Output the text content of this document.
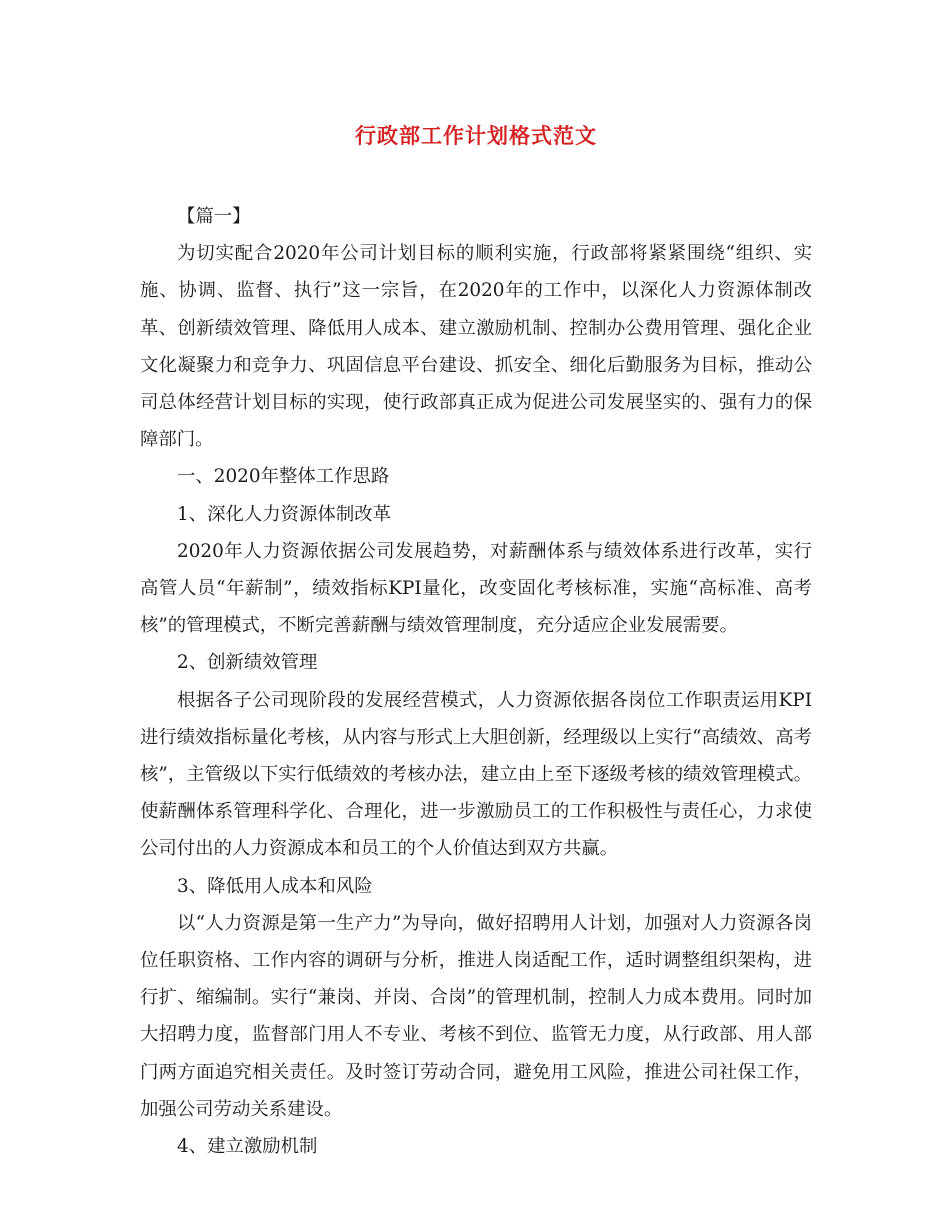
行政部工作计划格式范文

【篇一】

为切实配合2020年公司计划目标的顺利实施，行政部将紧紧围绕“组织、实施、协调、监督、执行”这一宗旨，在2020年的工作中，以深化人力资源体制改革、创新绩效管理、降低用人成本、建立激励机制、控制办公费用管理、强化企业文化凝聚力和竞争力、巩固信息平台建设、抓安全、细化后勤服务为目标，推动公司总体经营计划目标的实现，使行政部真正成为促进公司发展坚实的、强有力的保障部门。

一、2020年整体工作思路

1、深化人力资源体制改革

2020年人力资源依据公司发展趋势，对薪酬体系与绩效体系进行改革，实行高管人员“年薪制”，绩效指标KPI量化，改变固化考核标准，实施“高标准、高考核”的管理模式，不断完善薪酬与绩效管理制度，充分适应企业发展需要。

2、创新绩效管理

根据各子公司现阶段的发展经营模式，人力资源依据各岗位工作职责运用KPI进行绩效指标量化考核，从内容与形式上大胆创新，经理级以上实行“高绩效、高考核”，主管级以下实行低绩效的考核办法，建立由上至下逐级考核的绩效管理模式。使薪酬体系管理科学化、合理化，进一步激励员工的工作积极性与责任心，力求使公司付出的人力资源成本和员工的个人价值达到双方共赢。

3、降低用人成本和风险

以“人力资源是第一生产力”为导向，做好招聘用人计划，加强对人力资源各岗位任职资格、工作内容的调研与分析，推进人岗适配工作，适时调整组织架构，进行扩、缩编制。实行“兼岗、并岗、合岗”的管理机制，控制人力成本费用。同时加大招聘力度，监督部门用人不专业、考核不到位、监管无力度，从行政部、用人部门两方面追究相关责任。及时签订劳动合同，避免用工风险，推进公司社保工作，加强公司劳动关系建设。

4、建立激励机制
